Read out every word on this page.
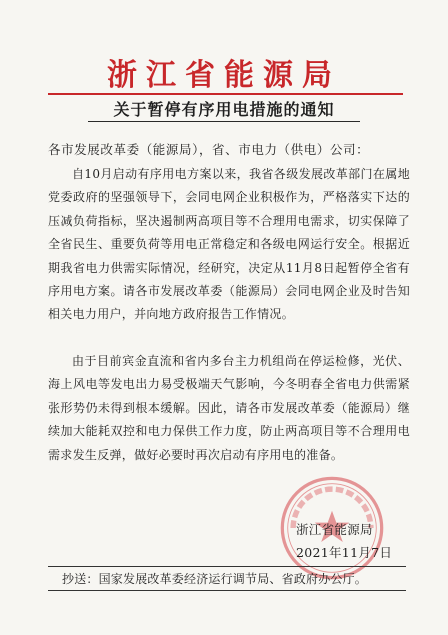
浙江省能源局
关于暂停有序用电措施的通知
各市发展改革委（能源局），省、市电力（供电）公司：
自10月启动有序用电方案以来，我省各级发展改革部门在属地党委政府的坚强领导下，会同电网企业积极作为，严格落实下达的压减负荷指标，坚决遏制两高项目等不合理用电需求，切实保障了全省民生、重要负荷等用电正常稳定和各级电网运行安全。根据近期我省电力供需实际情况，经研究，决定从11月8日起暂停全省有序用电方案。请各市发展改革委（能源局）会同电网企业及时告知相关电力用户，并向地方政府报告工作情况。
由于目前宾金直流和省内多台主力机组尚在停运检修，光伏、海上风电等发电出力易受极端天气影响，今冬明春全省电力供需紧张形势仍未得到根本缓解。因此，请各市发展改革委（能源局）继续加大能耗双控和电力保供工作力度，防止两高项目等不合理用电需求发生反弹，做好必要时再次启动有序用电的准备。
浙江省能源局
2021年11月7日
抄送：国家发展改革委经济运行调节局、省政府办公厅。
